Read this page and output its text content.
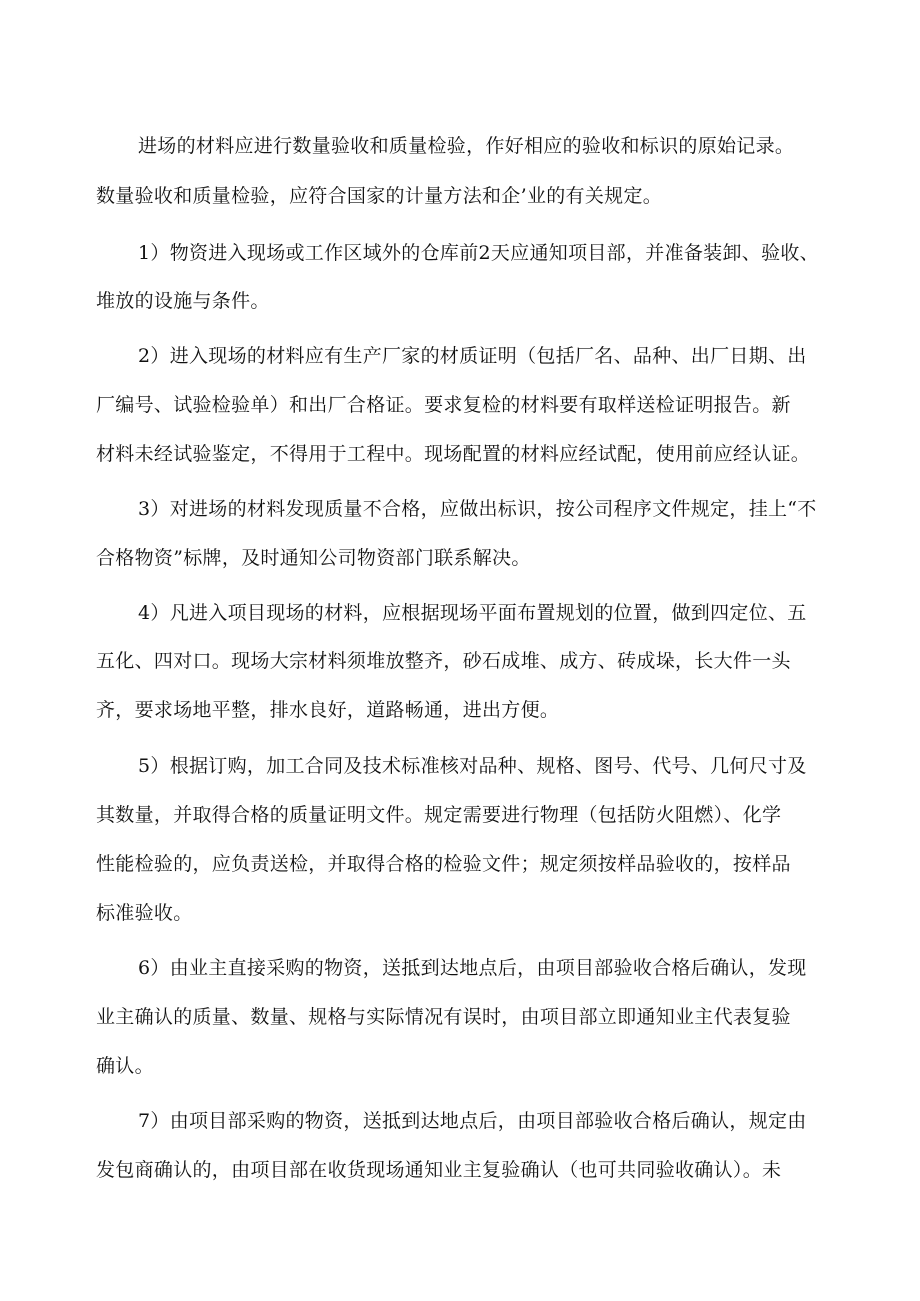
进场的材料应进行数量验收和质量检验，作好相应的验收和标识的原始记录。
数量验收和质量检验，应符合国家的计量方法和企’业的有关规定。
1）物资进入现场或工作区域外的仓库前2天应通知项目部，并准备装卸、验收、
堆放的设施与条件。
2）进入现场的材料应有生产厂家的材质证明（包括厂名、品种、出厂日期、出
厂编号、试验检验单）和出厂合格证。要求复检的材料要有取样送检证明报告。新
材料未经试验鉴定，不得用于工程中。现场配置的材料应经试配，使用前应经认证。
3）对进场的材料发现质量不合格，应做出标识，按公司程序文件规定，挂上“不
合格物资”标牌，及时通知公司物资部门联系解决。
4）凡进入项目现场的材料，应根据现场平面布置规划的位置，做到四定位、五
五化、四对口。现场大宗材料须堆放整齐，砂石成堆、成方、砖成垛，长大件一头
齐，要求场地平整，排水良好，道路畅通，进出方便。
5）根据订购，加工合同及技术标准核对品种、规格、图号、代号、几何尺寸及
其数量，并取得合格的质量证明文件。规定需要进行物理（包括防火阻燃）、化学
性能检验的，应负责送检，并取得合格的检验文件；规定须按样品验收的，按样品
标准验收。
6）由业主直接采购的物资，送抵到达地点后，由项目部验收合格后确认，发现
业主确认的质量、数量、规格与实际情况有误时，由项目部立即通知业主代表复验
确认。
7）由项目部采购的物资，送抵到达地点后，由项目部验收合格后确认，规定由
发包商确认的，由项目部在收货现场通知业主复验确认（也可共同验收确认）。未
